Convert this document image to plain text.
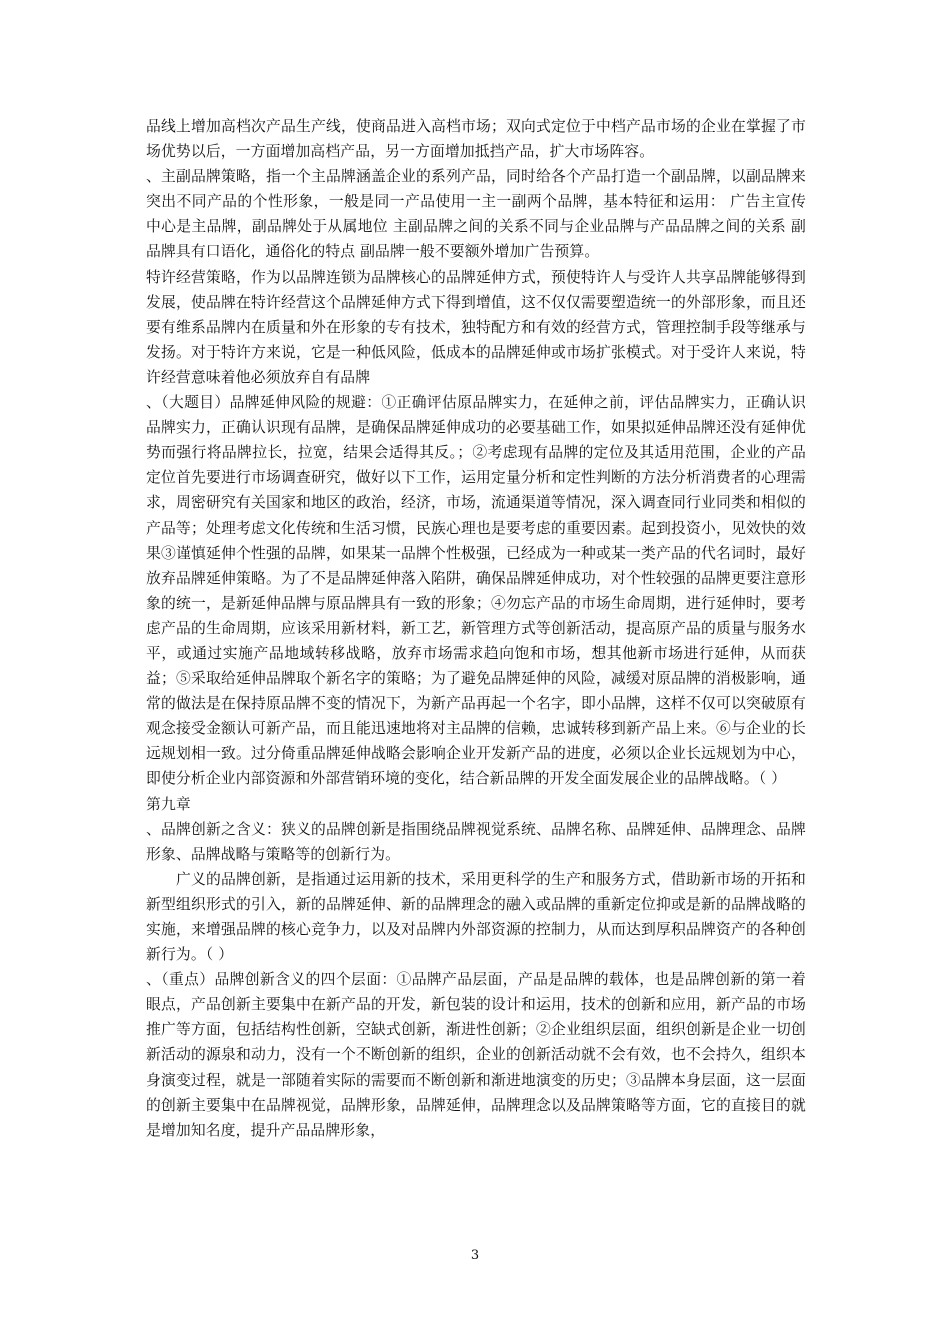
品线上增加高档次产品生产线，使商品进入高档市场；双向式定位于中档产品市场的企业在掌握了市场优势以后，一方面增加高档产品，另一方面增加抵挡产品，扩大市场阵容。

、主副品牌策略，指一个主品牌涵盖企业的系列产品，同时给各个产品打造一个副品牌，以副品牌来突出不同产品的个性形象，一般是同一产品使用一主一副两个品牌，基本特征和运用： 广告主宣传中心是主品牌，副品牌处于从属地位 主副品牌之间的关系不同与企业品牌与产品品牌之间的关系 副品牌具有口语化，通俗化的特点 副品牌一般不要额外增加广告预算。

特许经营策略，作为以品牌连锁为品牌核心的品牌延伸方式，预使特许人与受许人共享品牌能够得到发展，使品牌在特许经营这个品牌延伸方式下得到增值，这不仅仅需要塑造统一的外部形象，而且还要有维系品牌内在质量和外在形象的专有技术，独特配方和有效的经营方式，管理控制手段等继承与发扬。对于特许方来说，它是一种低风险，低成本的品牌延伸或市场扩张模式。对于受许人来说，特许经营意味着他必须放弃自有品牌

、（大题目）品牌延伸风险的规避：①正确评估原品牌实力，在延伸之前，评估品牌实力，正确认识品牌实力，正确认识现有品牌，是确保品牌延伸成功的必要基础工作，如果拟延伸品牌还没有延伸优势而强行将品牌拉长，拉宽，结果会适得其反。；②考虑现有品牌的定位及其适用范围，企业的产品定位首先要进行市场调查研究，做好以下工作，运用定量分析和定性判断的方法分析消费者的心理需求，周密研究有关国家和地区的政治，经济，市场，流通渠道等情况，深入调查同行业同类和相似的产品等；处理考虑文化传统和生活习惯，民族心理也是要考虑的重要因素。起到投资小，见效快的效果③谨慎延伸个性强的品牌，如果某一品牌个性极强，已经成为一种或某一类产品的代名词时，最好放弃品牌延伸策略。为了不是品牌延伸落入陷阱，确保品牌延伸成功，对个性较强的品牌更要注意形象的统一，是新延伸品牌与原品牌具有一致的形象；④勿忘产品的市场生命周期，进行延伸时，要考虑产品的生命周期，应该采用新材料，新工艺，新管理方式等创新活动，提高原产品的质量与服务水平，或通过实施产品地域转移战略，放弃市场需求趋向饱和市场，想其他新市场进行延伸，从而获益；⑤采取给延伸品牌取个新名字的策略；为了避免品牌延伸的风险，减缓对原品牌的消极影响，通常的做法是在保持原品牌不变的情况下，为新产品再起一个名字，即小品牌，这样不仅可以突破原有观念接受金额认可新产品，而且能迅速地将对主品牌的信赖，忠诚转移到新产品上来。⑥与企业的长远规划相一致。过分倚重品牌延伸战略会影响企业开发新产品的进度，必须以企业长远规划为中心，即使分析企业内部资源和外部营销环境的变化，结合新品牌的开发全面发展企业的品牌战略。（ ）

第九章

、品牌创新之含义：狭义的品牌创新是指围绕品牌视觉系统、品牌名称、品牌延伸、品牌理念、品牌形象、品牌战略与策略等的创新行为。

广义的品牌创新，是指通过运用新的技术，采用更科学的生产和服务方式，借助新市场的开拓和新型组织形式的引入，新的品牌延伸、新的品牌理念的融入或品牌的重新定位抑或是新的品牌战略的实施，来增强品牌的核心竞争力，以及对品牌内外部资源的控制力，从而达到厚积品牌资产的各种创新行为。（ ）

、（重点）品牌创新含义的四个层面：①品牌产品层面，产品是品牌的载体，也是品牌创新的第一着眼点，产品创新主要集中在新产品的开发，新包装的设计和运用，技术的创新和应用，新产品的市场推广等方面，包括结构性创新，空缺式创新，渐进性创新；②企业组织层面，组织创新是企业一切创新活动的源泉和动力，没有一个不断创新的组织，企业的创新活动就不会有效，也不会持久，组织本身演变过程，就是一部随着实际的需要而不断创新和渐进地演变的历史；③品牌本身层面，这一层面的创新主要集中在品牌视觉，品牌形象，品牌延伸，品牌理念以及品牌策略等方面，它的直接目的就是增加知名度，提升产品品牌形象，

3
